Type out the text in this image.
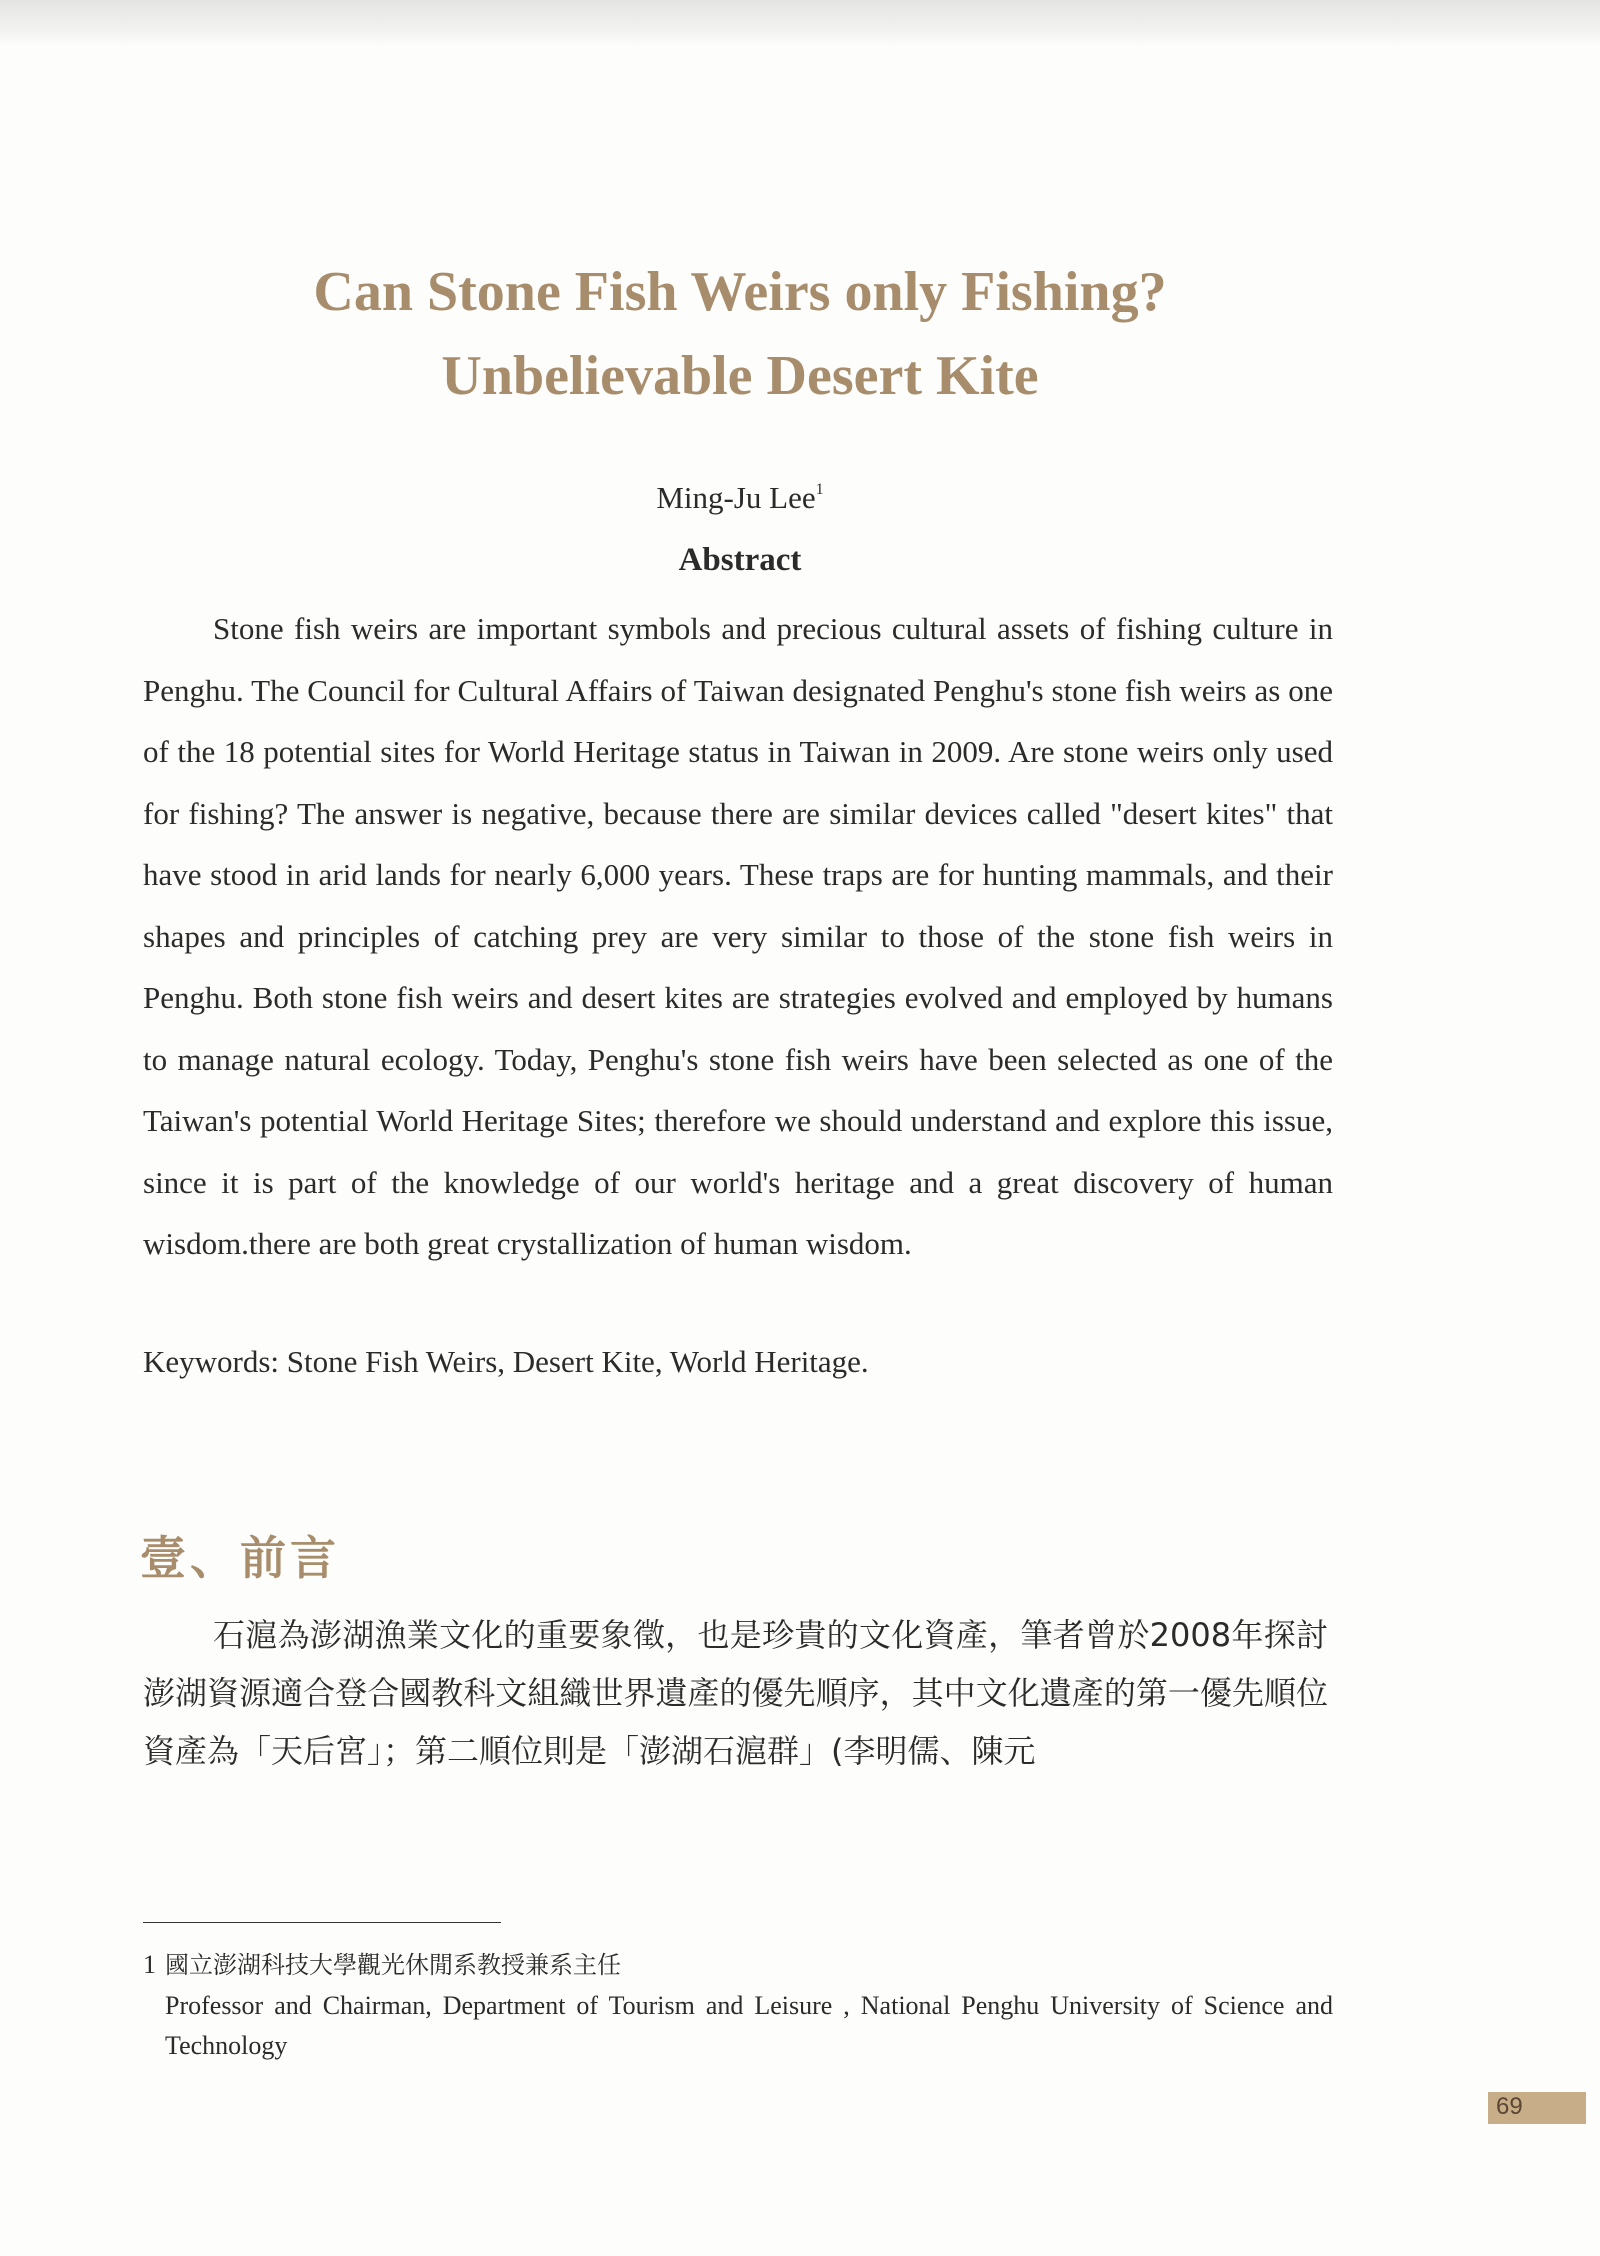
Can Stone Fish Weirs only Fishing?
Unbelievable Desert Kite
Ming-Ju Lee$^1$
Abstract

Stone fish weirs are important symbols and precious cultural assets of fishing culture in Penghu. The Council for Cultural Affairs of Taiwan designated Penghu's stone fish weirs as one of the 18 potential sites for World Heritage status in Taiwan in 2009. Are stone weirs only used for fishing? The answer is negative, because there are similar devices called "desert kites" that have stood in arid lands for nearly 6,000 years. These traps are for hunting mammals, and their shapes and principles of catching prey are very similar to those of the stone fish weirs in Penghu. Both stone fish weirs and desert kites are strategies evolved and employed by humans to manage natural ecology. Today, Penghu's stone fish weirs have been selected as one of the Taiwan's potential World Heritage Sites; therefore we should understand and explore this issue, since it is part of the knowledge of our world's heritage and a great discovery of human wisdom.there are both great crystallization of human wisdom.

Keywords: Stone Fish Weirs, Desert Kite, World Heritage.

壹、前言

石滬為澎湖漁業文化的重要象徵，也是珍貴的文化資產，筆者曾於2008年探討澎湖資源適合登合國教科文組織世界遺產的優先順序，其中文化遺產的第一優先順位資產為「天后宮」；第二順位則是「澎湖石滬群」(李明儒、陳元

1 國立澎湖科技大學觀光休閒系教授兼系主任

Professor and Chairman, Department of Tourism and Leisure , National Penghu University of Science and Technology

69
